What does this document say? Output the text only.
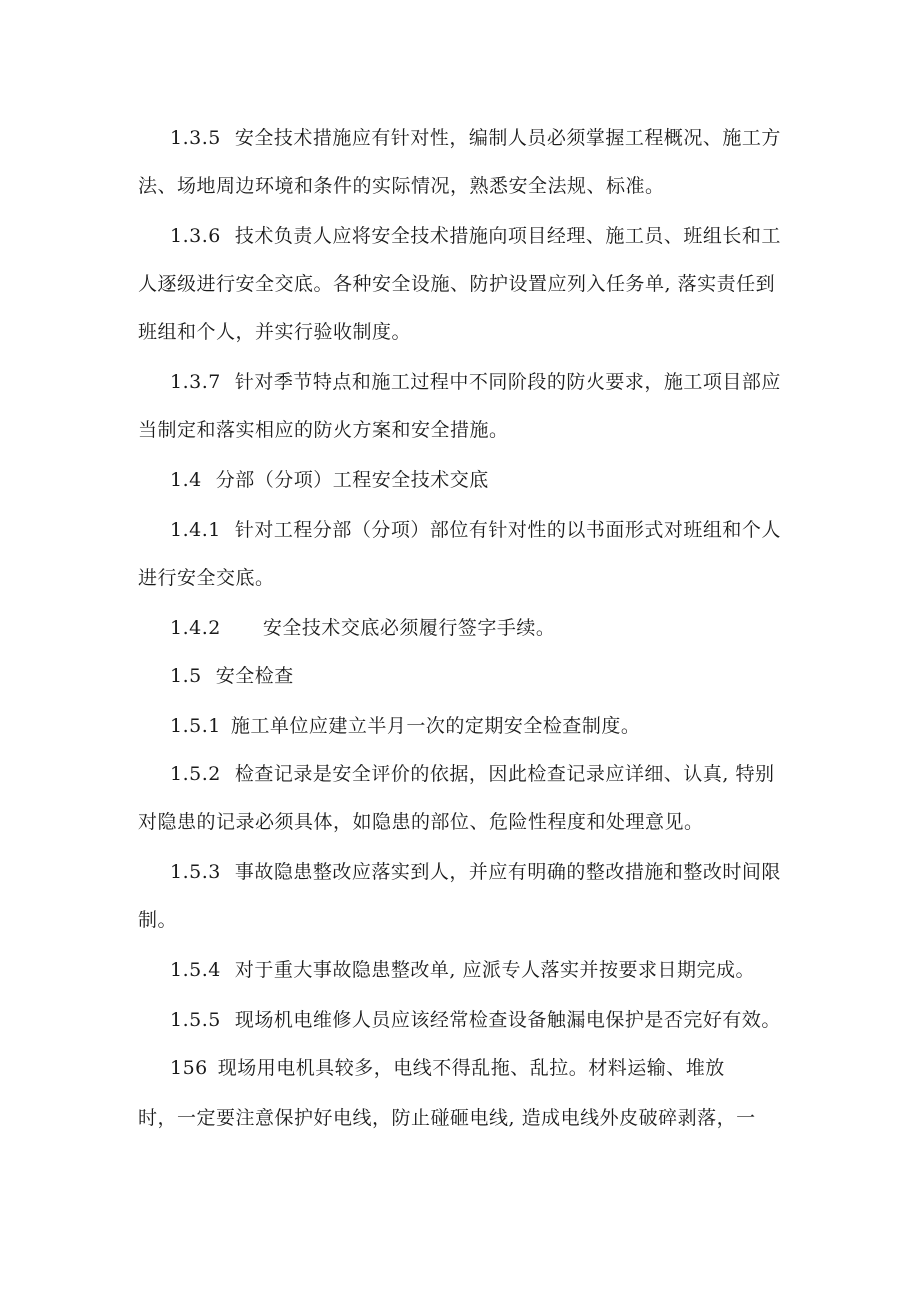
1.3.5 安全技术措施应有针对性，编制人员必须掌握工程概况、施工方
法、场地周边环境和条件的实际情况，熟悉安全法规、标准。
1.3.6 技术负责人应将安全技术措施向项目经理、施工员、班组长和工
人逐级进行安全交底。各种安全设施、防护设置应列入任务单, 落实责任到
班组和个人，并实行验收制度。
1.3.7 针对季节特点和施工过程中不同阶段的防火要求，施工项目部应
当制定和落实相应的防火方案和安全措施。
1.4 分部（分项）工程安全技术交底
1.4.1 针对工程分部（分项）部位有针对性的以书面形式对班组和个人
进行安全交底。
1.4.2 安全技术交底必须履行签字手续。
1.5 安全检查
1.5.1 施工单位应建立半月一次的定期安全检查制度。
1.5.2 检查记录是安全评价的依据，因此检查记录应详细、认真, 特别
对隐患的记录必须具体，如隐患的部位、危险性程度和处理意见。
1.5.3 事故隐患整改应落实到人，并应有明确的整改措施和整改时间限
制。
1.5.4 对于重大事故隐患整改单, 应派专人落实并按要求日期完成。
1.5.5 现场机电维修人员应该经常检查设备触漏电保护是否完好有效。
156 现场用电机具较多，电线不得乱拖、乱拉。材料运输、堆放
时，一定要注意保护好电线，防止碰砸电线, 造成电线外皮破碎剥落，一
